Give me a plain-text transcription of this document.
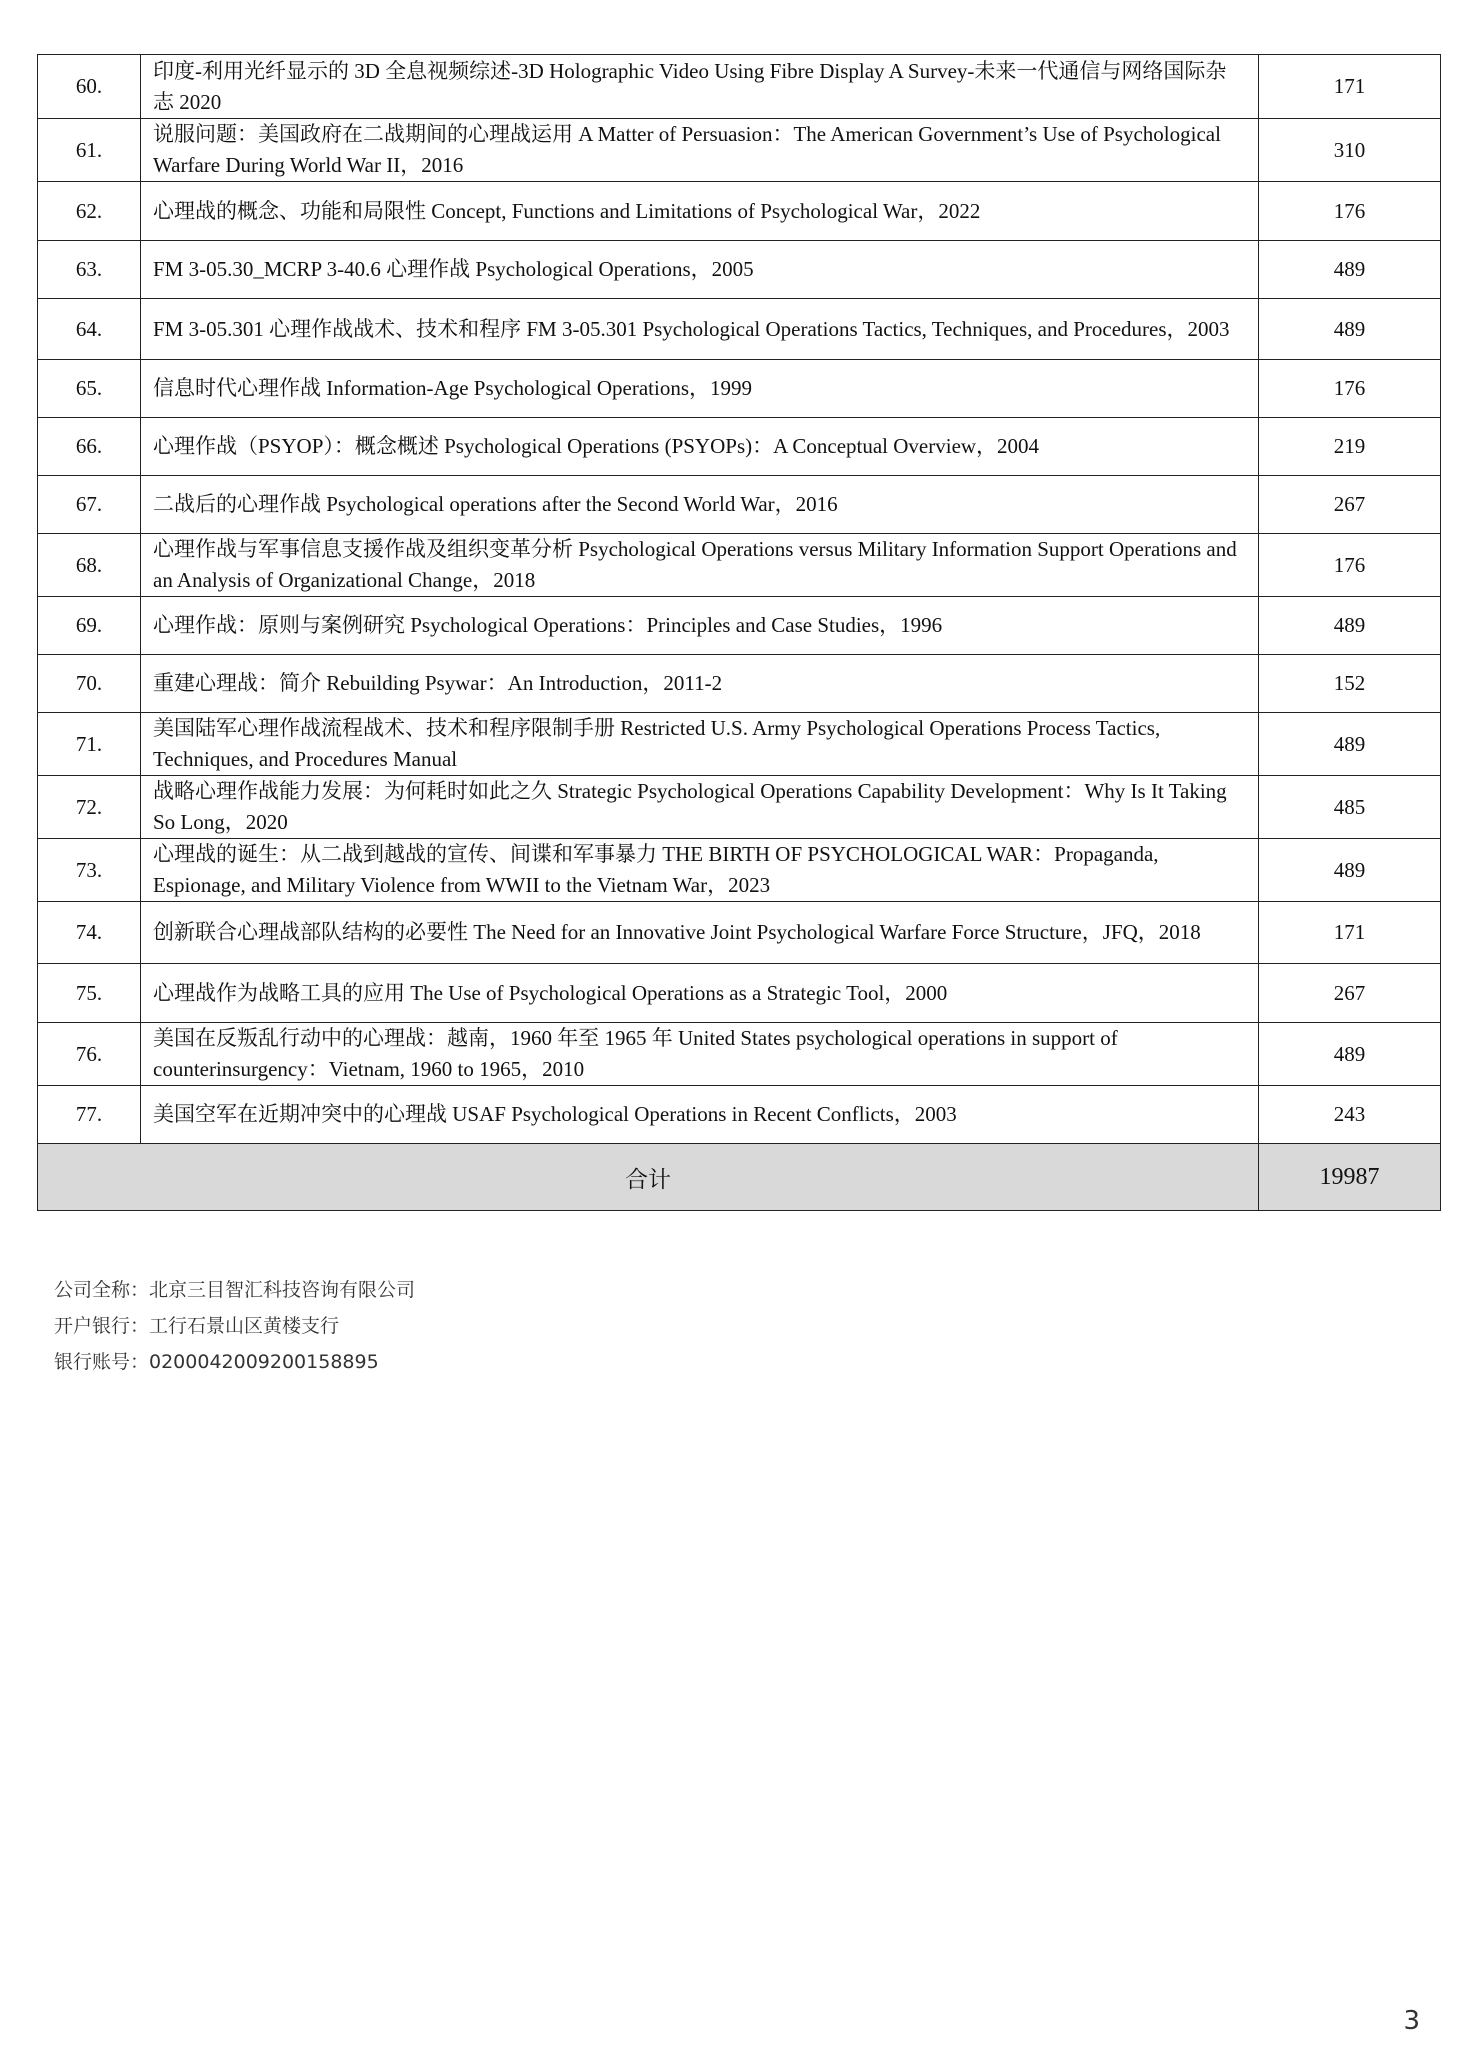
60.	印度-利用光纤显示的 3D 全息视频综述-3D Holographic Video Using Fibre Display A Survey-未来一代通信与网络国际杂志 2020	171
61.	说服问题：美国政府在二战期间的心理战运用 A Matter of Persuasion：The American Government’s Use of Psychological Warfare During World War II，2016	310
62.	心理战的概念、功能和局限性 Concept, Functions and Limitations of Psychological War，2022	176
63.	FM 3-05.30_MCRP 3-40.6 心理作战 Psychological Operations，2005	489
64.	FM 3-05.301 心理作战战术、技术和程序 FM 3-05.301 Psychological Operations Tactics, Techniques, and Procedures，2003	489
65.	信息时代心理作战 Information-Age Psychological Operations，1999	176
66.	心理作战（PSYOP）：概念概述 Psychological Operations (PSYOPs)：A Conceptual Overview，2004	219
67.	二战后的心理作战 Psychological operations after the Second World War，2016	267
68.	心理作战与军事信息支援作战及组织变革分析 Psychological Operations versus Military Information Support Operations and an Analysis of Organizational Change，2018	176
69.	心理作战：原则与案例研究 Psychological Operations：Principles and Case Studies，1996	489
70.	重建心理战：简介 Rebuilding Psywar：An Introduction，2011-2	152
71.	美国陆军心理作战流程战术、技术和程序限制手册 Restricted U.S. Army Psychological Operations Process Tactics, Techniques, and Procedures Manual	489
72.	战略心理作战能力发展：为何耗时如此之久 Strategic Psychological Operations Capability Development：Why Is It Taking So Long，2020	485
73.	心理战的诞生：从二战到越战的宣传、间谍和军事暴力 THE BIRTH OF PSYCHOLOGICAL WAR：Propaganda, Espionage, and Military Violence from WWII to the Vietnam War，2023	489
74.	创新联合心理战部队结构的必要性 The Need for an Innovative Joint Psychological Warfare Force Structure，JFQ，2018	171
75.	心理战作为战略工具的应用 The Use of Psychological Operations as a Strategic Tool，2000	267
76.	美国在反叛乱行动中的心理战：越南，1960 年至 1965 年 United States psychological operations in support of counterinsurgency：Vietnam, 1960 to 1965，2010	489
77.	美国空军在近期冲突中的心理战 USAF Psychological Operations in Recent Conflicts，2003	243
合计		19987
公司全称：北京三目智汇科技咨询有限公司
开户银行：工行石景山区黄楼支行
银行账号：0200042009200158895
3
